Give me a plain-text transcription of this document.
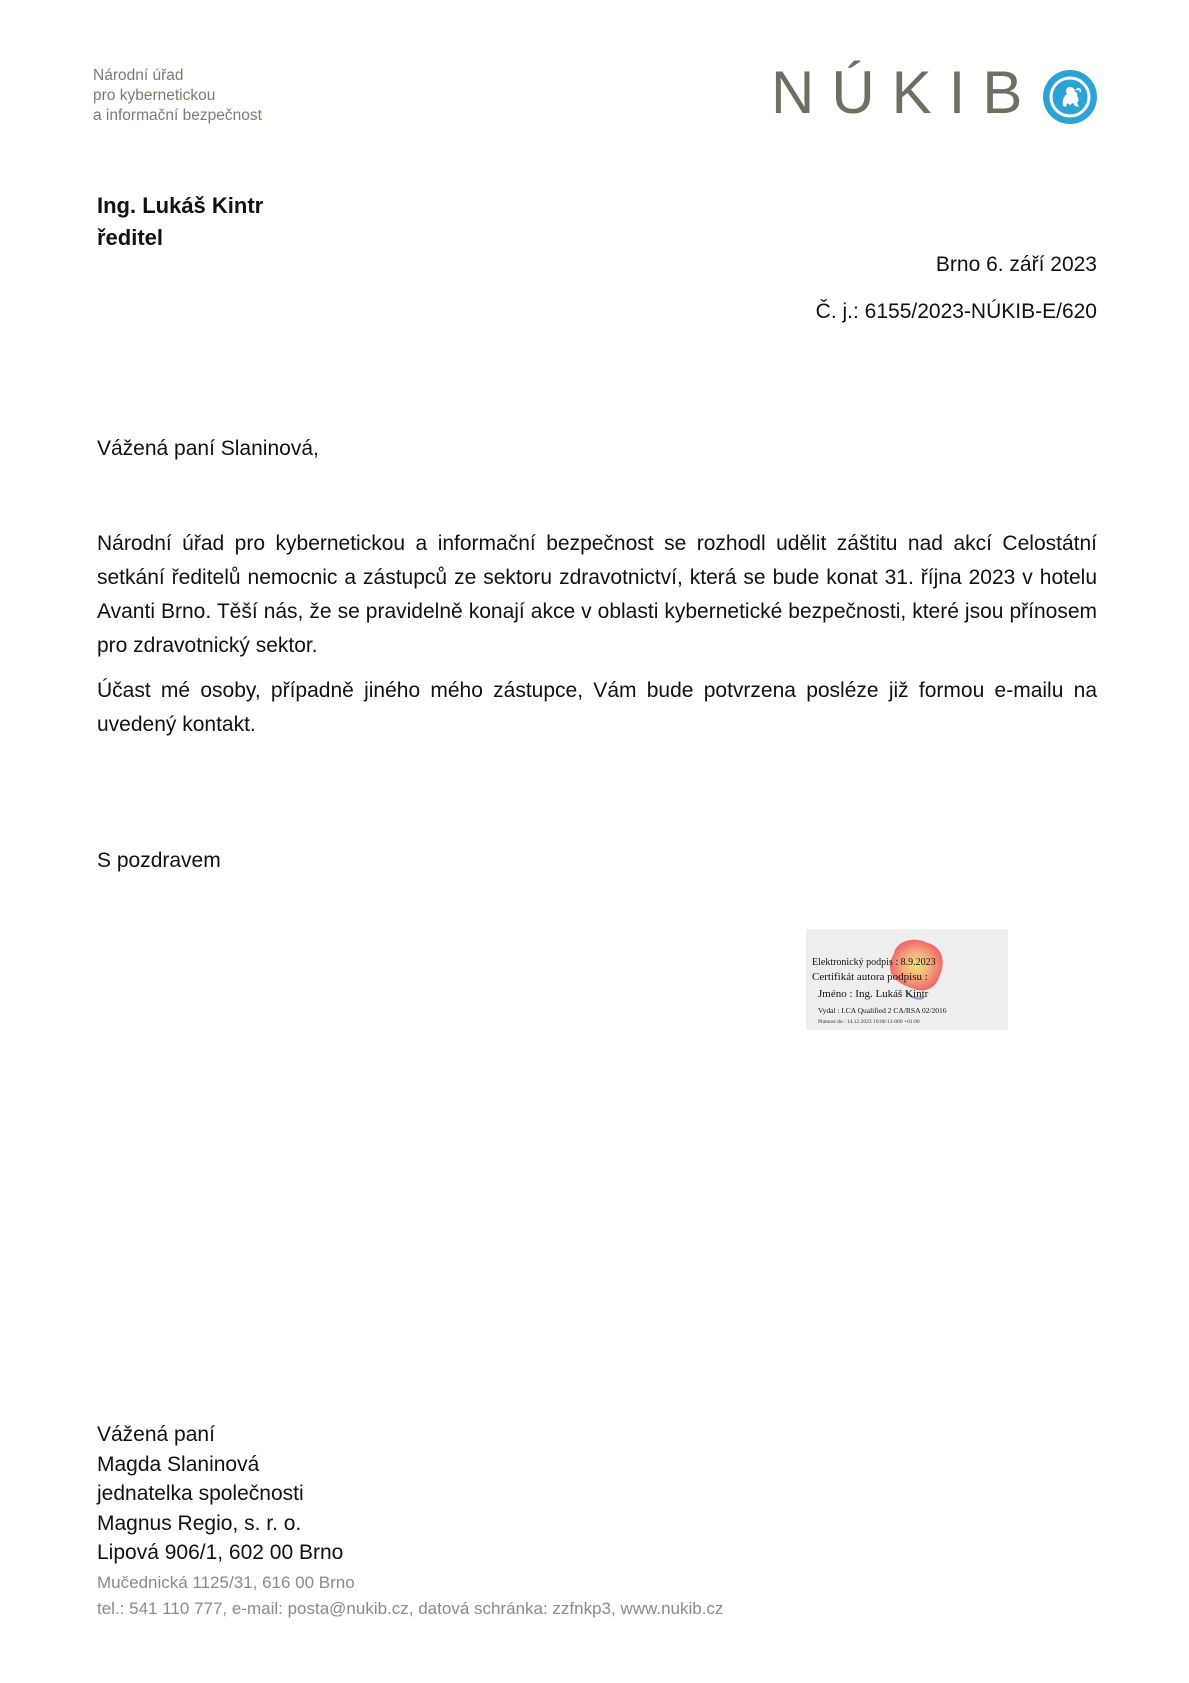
Národní úřad
pro kybernetickou
a informační bezpečnost	NÚKIB
Ing. Lukáš Kintr
ředitel
Brno 6. září 2023
Č. j.: 6155/2023-NÚKIB-E/620
Vážená paní Slaninová,

Národní úřad pro kybernetickou a informační bezpečnost se rozhodl udělit záštitu nad akcí Celostátní setkání ředitelů nemocnic a zástupců ze sektoru zdravotnictví, která se bude konat 31. října 2023 v hotelu Avanti Brno. Těší nás, že se pravidelně konají akce v oblasti kybernetické bezpečnosti, které jsou přínosem pro zdravotnický sektor.

Účast mé osoby, případně jiného mého zástupce, Vám bude potvrzena posléze již formou e-mailu na uvedený kontakt.

S pozdravem
Elektronický podpis : 8.9.2023
Certifikát autora podpisu :
Jméno : Ing. Lukáš Kintr
Vydal : I.CA Qualified 2 CA/RSA 02/2016
Platnost do : 14.12.2023 10:00:13-000 +01:00
Vážená paní
Magda Slaninová
jednatelka společnosti
Magnus Regio, s. r. o.
Lipová 906/1, 602 00 Brno
Mučednická 1125/31, 616 00 Brno
tel.: 541 110 777, e-mail: posta@nukib.cz, datová schránka: zzfnkp3, www.nukib.cz
